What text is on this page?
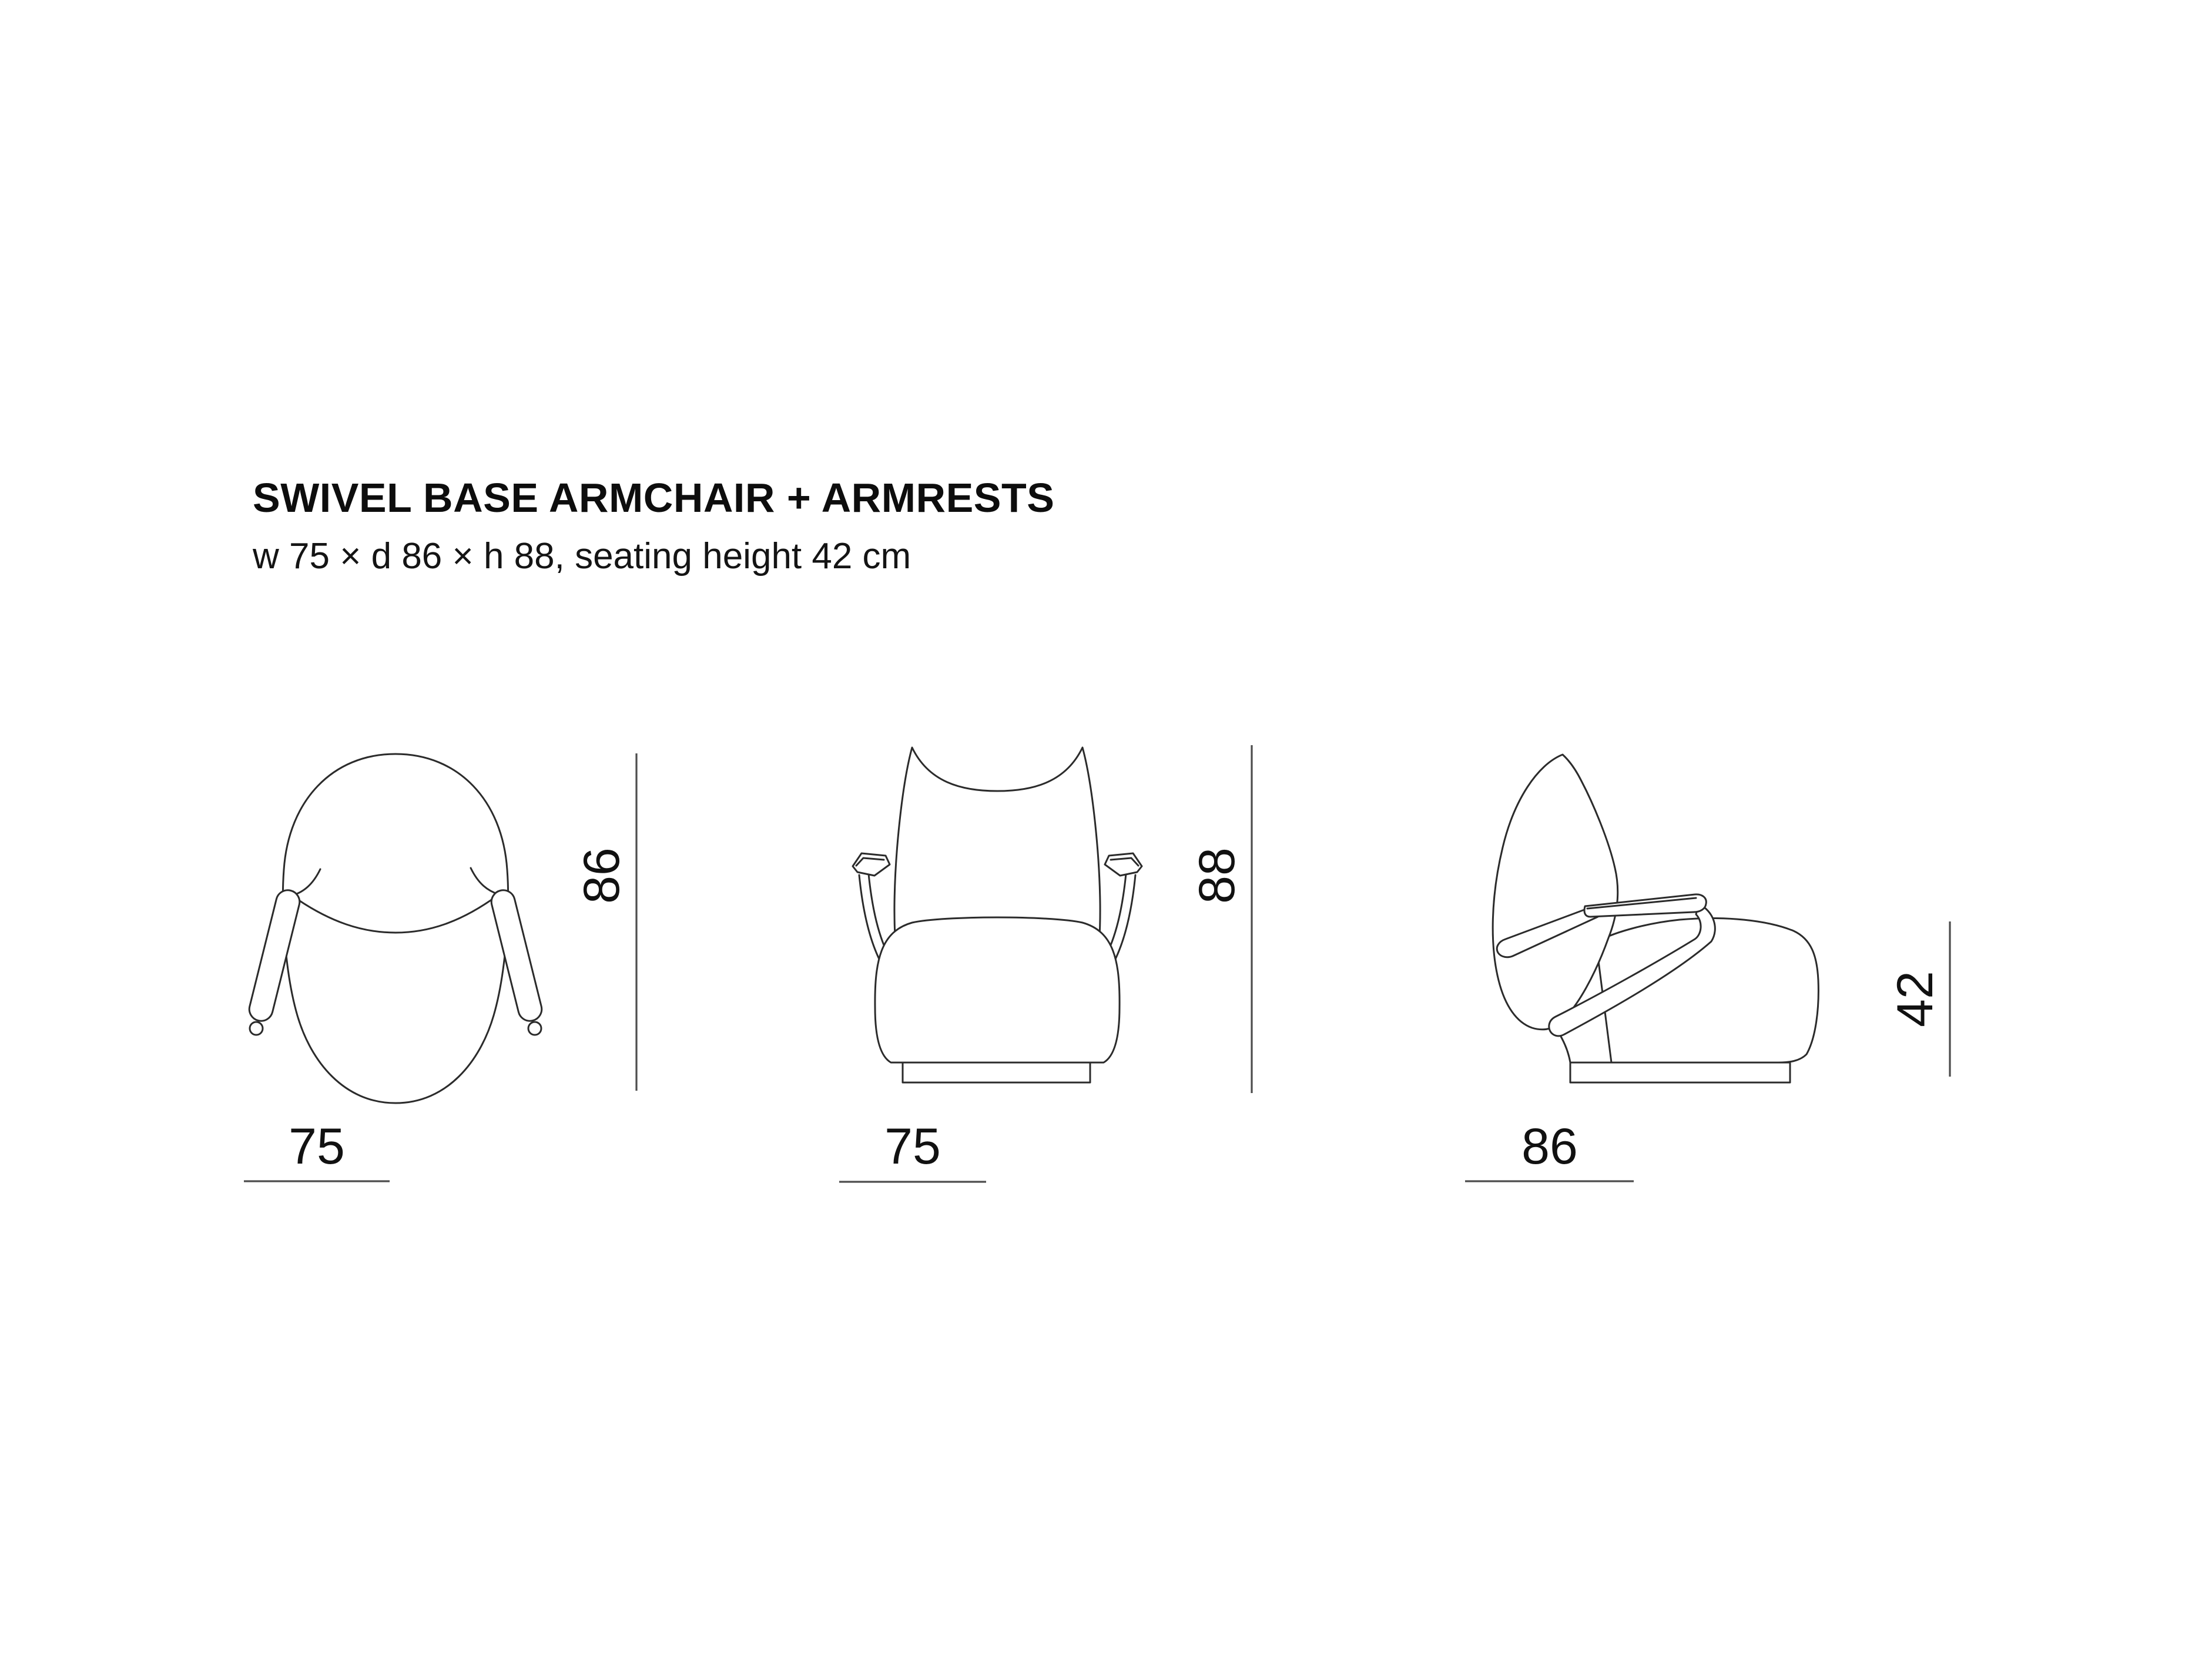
SWIVEL BASE ARMCHAIR + ARMRESTS
w 75 × d 86 × h 88, seating height 42 cm
86
75
88
75
42
86
